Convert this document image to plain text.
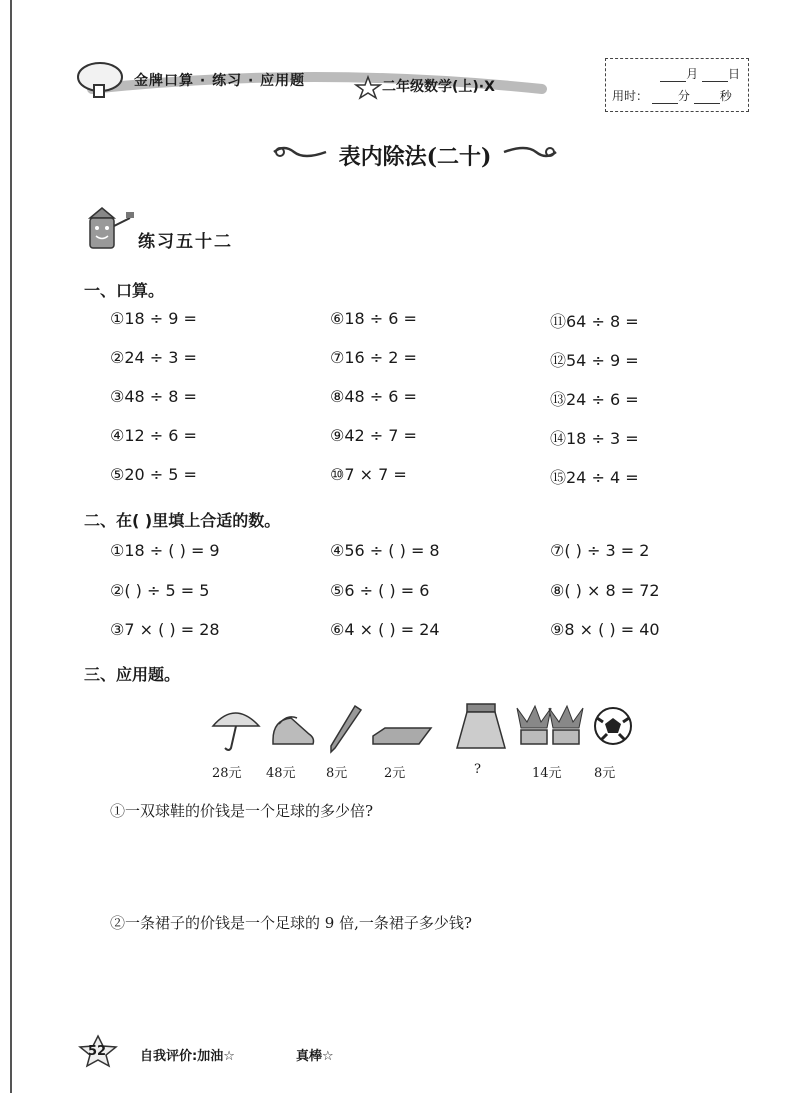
金牌口算 · 练习 · 应用题	二年级数学(上)·X
月 日
用时： 分 秒
表内除法(二十)
练习五十二
一、口算。
①18 ÷ 9 =	⑥18 ÷ 6 =	⑪64 ÷ 8 =
②24 ÷ 3 =	⑦16 ÷ 2 =	⑫54 ÷ 9 =
③48 ÷ 8 =	⑧48 ÷ 6 =	⑬24 ÷ 6 =
④12 ÷ 6 =	⑨42 ÷ 7 =	⑭18 ÷ 3 =
⑤20 ÷ 5 =	⑩7 × 7 =	⑮24 ÷ 4 =
二、在( )里填上合适的数。
①18 ÷ ( ) = 9	④56 ÷ ( ) = 8	⑦( ) ÷ 3 = 2
②( ) ÷ 5 = 5	⑤6 ÷ ( ) = 6	⑧( ) × 8 = 72
③7 × ( ) = 28	⑥4 × ( ) = 24	⑨8 × ( ) = 40
三、应用题。
28元 48元 8元	2元	?	14元 8元
①一双球鞋的价钱是一个足球的多少倍?
②一条裙子的价钱是一个足球的 9 倍,一条裙子多少钱?
52	自我评价:加油☆	真棒☆
